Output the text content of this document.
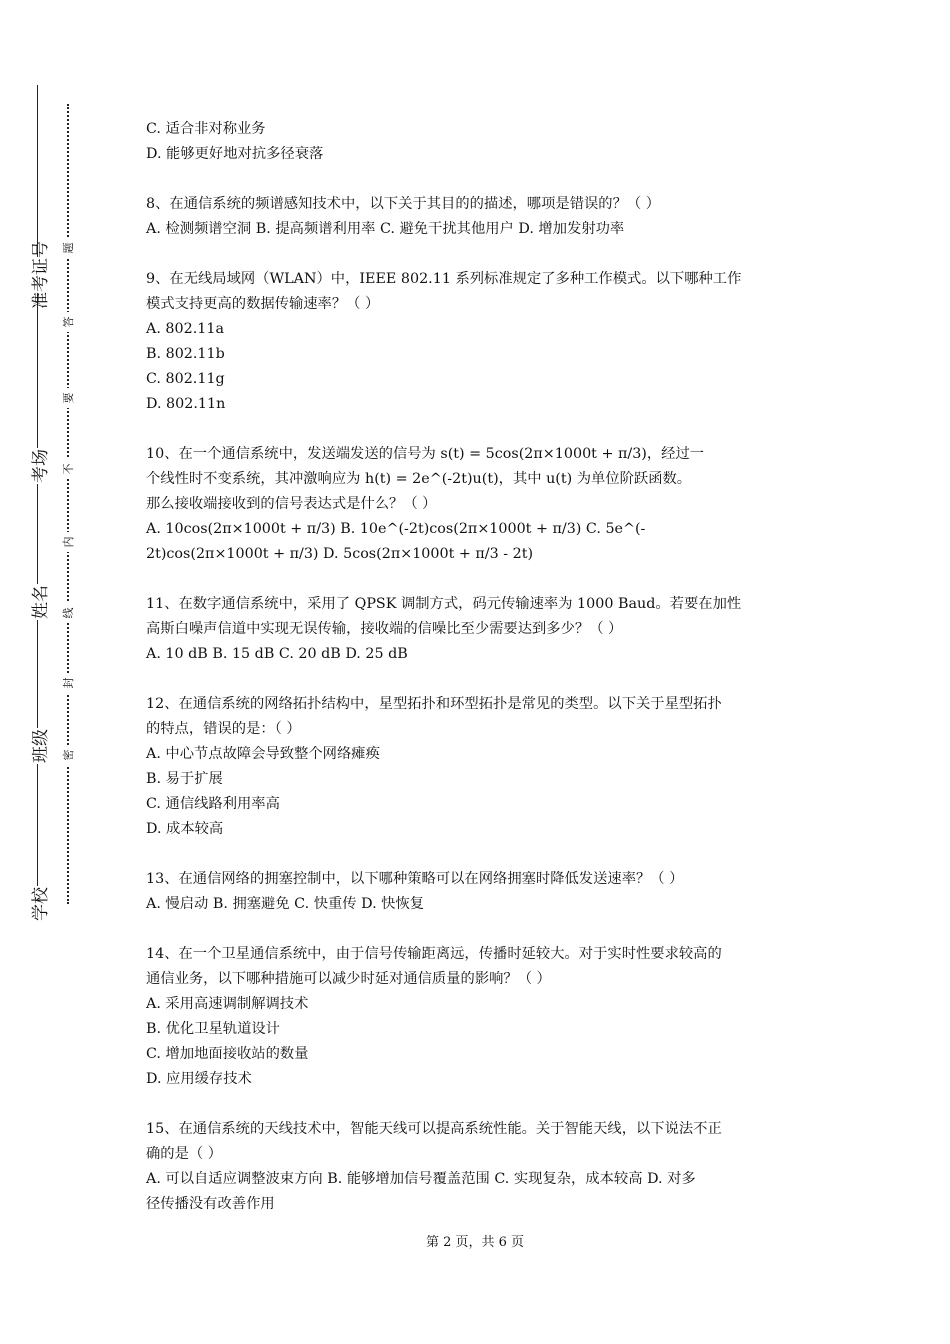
准考证号
考场
姓名
班级
学校
题
答
要
不
内
线
封
密
C. 适合非对称业务
D. 能够更好地对抗多径衰落
8、在通信系统的频谱感知技术中，以下关于其目的的描述，哪项是错误的？（ ）
A. 检测频谱空洞 B. 提高频谱利用率 C. 避免干扰其他用户 D. 增加发射功率
9、在无线局域网（WLAN）中，IEEE 802.11 系列标准规定了多种工作模式。以下哪种工作
模式支持更高的数据传输速率？（ ）
A. 802.11a
B. 802.11b
C. 802.11g
D. 802.11n
10、在一个通信系统中，发送端发送的信号为 s(t) = 5cos(2π×1000t + π/3)，经过一
个线性时不变系统，其冲激响应为 h(t) = 2e^(-2t)u(t)，其中 u(t) 为单位阶跃函数。
那么接收端接收到的信号表达式是什么？（ ）
A. 10cos(2π×1000t + π/3) B. 10e^(-2t)cos(2π×1000t + π/3) C. 5e^(-
2t)cos(2π×1000t + π/3) D. 5cos(2π×1000t + π/3 - 2t)
11、在数字通信系统中，采用了 QPSK 调制方式，码元传输速率为 1000 Baud。若要在加性
高斯白噪声信道中实现无误传输，接收端的信噪比至少需要达到多少？（ ）
A. 10 dB B. 15 dB C. 20 dB D. 25 dB
12、在通信系统的网络拓扑结构中，星型拓扑和环型拓扑是常见的类型。以下关于星型拓扑
的特点，错误的是：（ ）
A. 中心节点故障会导致整个网络瘫痪
B. 易于扩展
C. 通信线路利用率高
D. 成本较高
13、在通信网络的拥塞控制中，以下哪种策略可以在网络拥塞时降低发送速率？（ ）
A. 慢启动 B. 拥塞避免 C. 快重传 D. 快恢复
14、在一个卫星通信系统中，由于信号传输距离远，传播时延较大。对于实时性要求较高的
通信业务，以下哪种措施可以减少时延对通信质量的影响？（ ）
A. 采用高速调制解调技术
B. 优化卫星轨道设计
C. 增加地面接收站的数量
D. 应用缓存技术
15、在通信系统的天线技术中，智能天线可以提高系统性能。关于智能天线，以下说法不正
确的是（ ）
A. 可以自适应调整波束方向 B. 能够增加信号覆盖范围 C. 实现复杂，成本较高 D. 对多
径传播没有改善作用
第 2 页，共 6 页
